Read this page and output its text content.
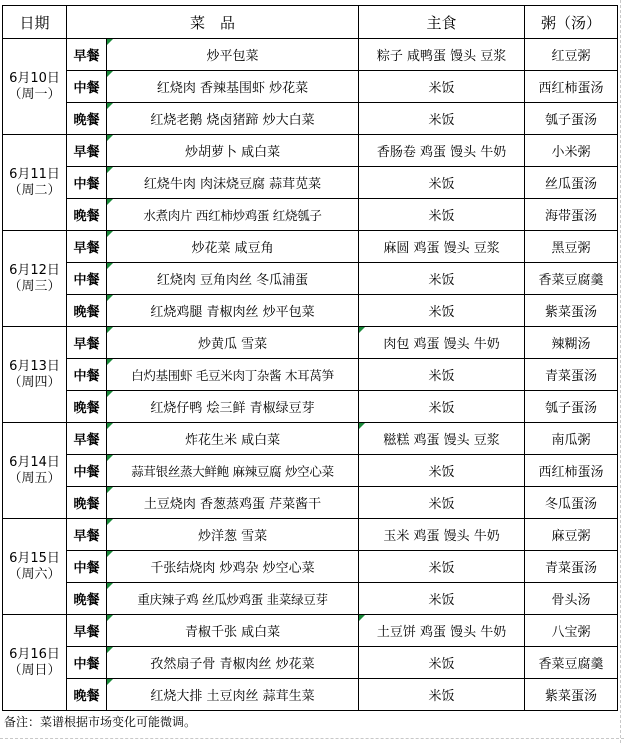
日期	菜　品		主食	粥（汤）

6月10日
（周一）	早餐	炒平包菜	粽子 咸鸭蛋 馒头 豆浆	红豆粥
	中餐	红烧肉 香辣基围虾 炒花菜	米饭	西红柿蛋汤
	晚餐	红烧老鹅 烧卤猪蹄 炒大白菜	米饭	瓠子蛋汤

6月11日
（周二）	早餐	炒胡萝卜 咸白菜	香肠卷 鸡蛋 馒头 牛奶	小米粥
	中餐	红烧牛肉 肉沫烧豆腐 蒜茸苋菜	米饭	丝瓜蛋汤
	晚餐	水煮肉片 西红柿炒鸡蛋 红烧瓠子	米饭	海带蛋汤

6月12日
（周三）	早餐	炒花菜 咸豆角	麻圆 鸡蛋 馒头 豆浆	黑豆粥
	中餐	红烧肉 豆角肉丝 冬瓜浦蛋	米饭	香菜豆腐羹
	晚餐	红烧鸡腿 青椒肉丝 炒平包菜	米饭	紫菜蛋汤

6月13日
（周四）	早餐	炒黄瓜 雪菜	肉包 鸡蛋 馒头 牛奶	辣糊汤
	中餐	白灼基围虾 毛豆米肉丁杂酱 木耳莴笋	米饭	青菜蛋汤
	晚餐	红烧仔鸭 烩三鲜 青椒绿豆芽	米饭	瓠子蛋汤

6月14日
（周五）	早餐	炸花生米 咸白菜	糍糕 鸡蛋 馒头 豆浆	南瓜粥
	中餐	蒜茸银丝蒸大鲜鲍 麻辣豆腐 炒空心菜	米饭	西红柿蛋汤
	晚餐	土豆烧肉 香葱蒸鸡蛋 芹菜酱干	米饭	冬瓜蛋汤

6月15日
（周六）	早餐	炒洋葱 雪菜	玉米 鸡蛋 馒头 牛奶	麻豆粥
	中餐	千张结烧肉 炒鸡杂 炒空心菜	米饭	青菜蛋汤
	晚餐	重庆辣子鸡 丝瓜炒鸡蛋 韭菜绿豆芽	米饭	骨头汤

6月16日
（周日）	早餐	青椒千张 咸白菜	土豆饼 鸡蛋 馒头 牛奶	八宝粥
	中餐	孜然扇子骨 青椒肉丝 炒花菜	米饭	香菜豆腐羹
	晚餐	红烧大排 土豆肉丝 蒜茸生菜	米饭	紫菜蛋汤
备注：菜谱根据市场变化可能微调。
